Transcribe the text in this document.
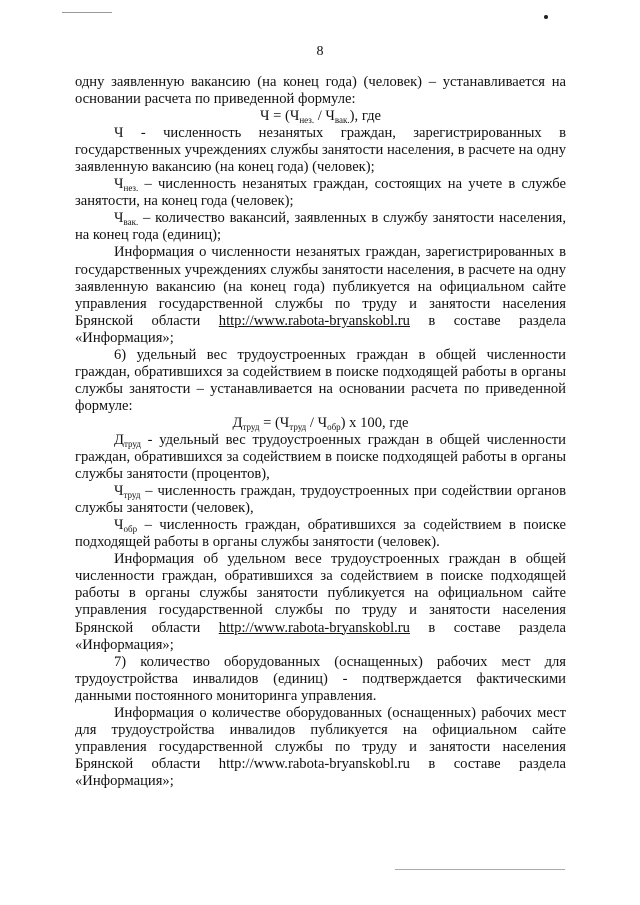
8

одну заявленную вакансию (на конец года) (человек) – устанавливается на основании расчета по приведенной формуле:

$Ч = (Ч_{нез.} / Ч_{вак.})$, где

Ч - численность незанятых граждан, зарегистрированных в государственных учреждениях службы занятости населения, в расчете на одну заявленную вакансию (на конец года) (человек);

$Ч_{нез.}$ – численность незанятых граждан, состоящих на учете в службе занятости, на конец года (человек);

$Ч_{вак.}$ – количество вакансий, заявленных в службу занятости населения, на конец года (единиц);

Информация о численности незанятых граждан, зарегистрированных в государственных учреждениях службы занятости населения, в расчете на одну заявленную вакансию (на конец года) публикуется на официальном сайте управления государственной службы по труду и занятости населения Брянской области http://www.rabota-bryanskobl.ru в составе раздела «Информация»;

6) удельный вес трудоустроенных граждан в общей численности граждан, обратившихся за содействием в поиске подходящей работы в органы службы занятости – устанавливается на основании расчета по приведенной формуле:

$Д_{труд} = (Ч_{труд} / Ч_{обр})$ х 100, где

$Д_{труд}$ - удельный вес трудоустроенных граждан в общей численности граждан, обратившихся за содействием в поиске подходящей работы в органы службы занятости (процентов),

$Ч_{труд}$ – численность граждан, трудоустроенных при содействии органов службы занятости (человек),

$Ч_{обр}$ – численность граждан, обратившихся за содействием в поиске подходящей работы в органы службы занятости (человек).

Информация об удельном весе трудоустроенных граждан в общей численности граждан, обратившихся за содействием в поиске подходящей работы в органы службы занятости публикуется на официальном сайте управления государственной службы по труду и занятости населения Брянской области http://www.rabota-bryanskobl.ru в составе раздела «Информация»;

7) количество оборудованных (оснащенных) рабочих мест для трудоустройства инвалидов (единиц) - подтверждается фактическими данными постоянного мониторинга управления.

Информация о количестве оборудованных (оснащенных) рабочих мест для трудоустройства инвалидов публикуется на официальном сайте управления государственной службы по труду и занятости населения Брянской области http://www.rabota-bryanskobl.ru в составе раздела «Информация»;
